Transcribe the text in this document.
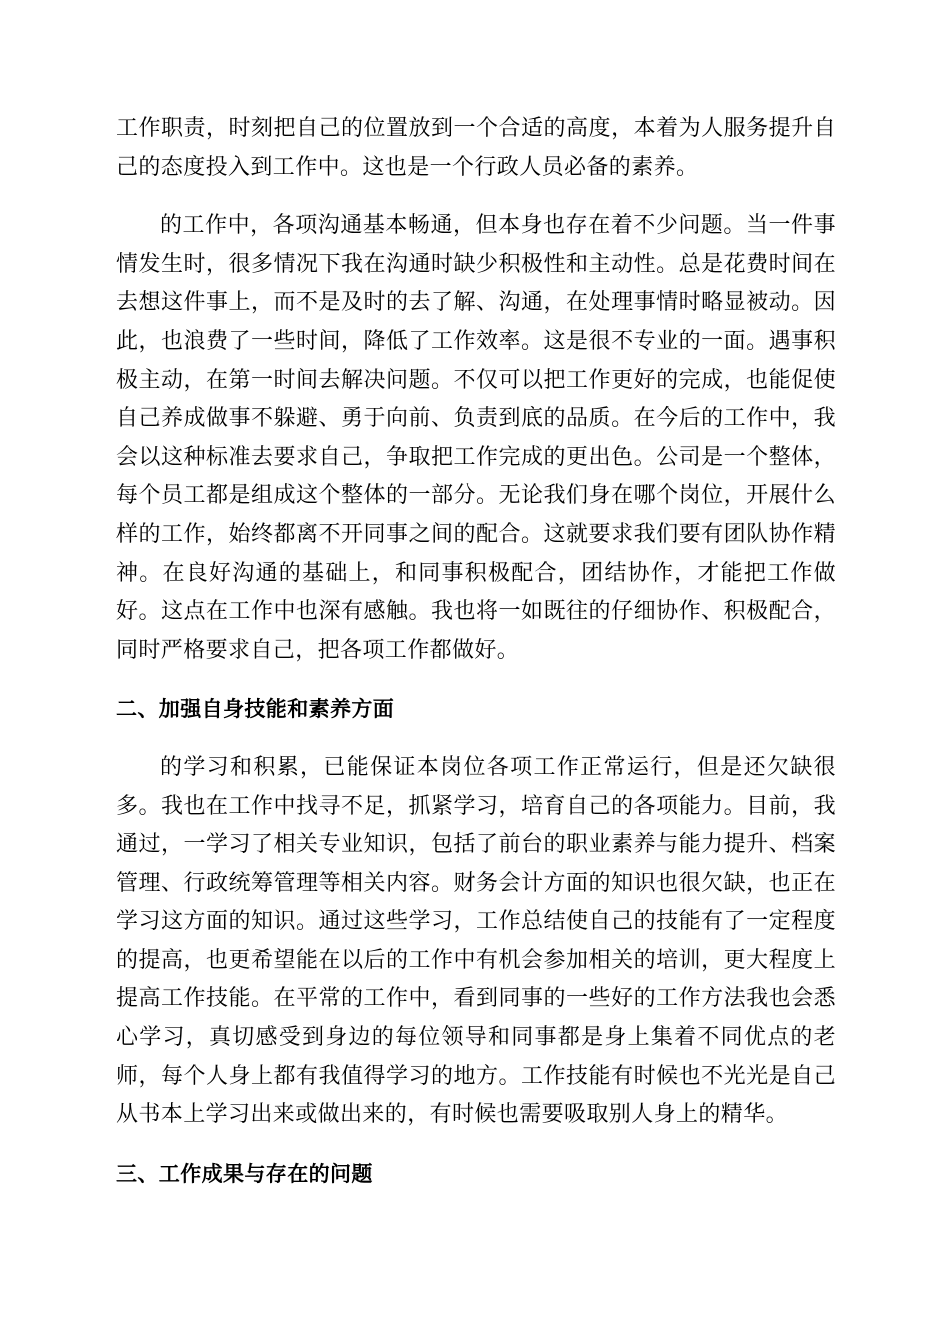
工作职责，时刻把自己的位置放到一个合适的高度，本着为人服务提升自己的态度投入到工作中。这也是一个行政人员必备的素养。

的工作中，各项沟通基本畅通，但本身也存在着不少问题。当一件事情发生时，很多情况下我在沟通时缺少积极性和主动性。总是花费时间在去想这件事上，而不是及时的去了解、沟通，在处理事情时略显被动。因此，也浪费了一些时间，降低了工作效率。这是很不专业的一面。遇事积极主动，在第一时间去解决问题。不仅可以把工作更好的完成，也能促使自己养成做事不躲避、勇于向前、负责到底的品质。在今后的工作中，我会以这种标准去要求自己，争取把工作完成的更出色。公司是一个整体，每个员工都是组成这个整体的一部分。无论我们身在哪个岗位，开展什么样的工作，始终都离不开同事之间的配合。这就要求我们要有团队协作精神。在良好沟通的基础上，和同事积极配合，团结协作，才能把工作做好。这点在工作中也深有感触。我也将一如既往的仔细协作、积极配合，同时严格要求自己，把各项工作都做好。

二、加强自身技能和素养方面

的学习和积累，已能保证本岗位各项工作正常运行，但是还欠缺很多。我也在工作中找寻不足，抓紧学习，培育自己的各项能力。目前，我通过，一学习了相关专业知识，包括了前台的职业素养与能力提升、档案管理、行政统筹管理等相关内容。财务会计方面的知识也很欠缺，也正在学习这方面的知识。通过这些学习，工作总结使自己的技能有了一定程度的提高，也更希望能在以后的工作中有机会参加相关的培训，更大程度上提高工作技能。在平常的工作中，看到同事的一些好的工作方法我也会悉心学习，真切感受到身边的每位领导和同事都是身上集着不同优点的老师，每个人身上都有我值得学习的地方。工作技能有时候也不光光是自己从书本上学习出来或做出来的，有时候也需要吸取别人身上的精华。

三、工作成果与存在的问题
